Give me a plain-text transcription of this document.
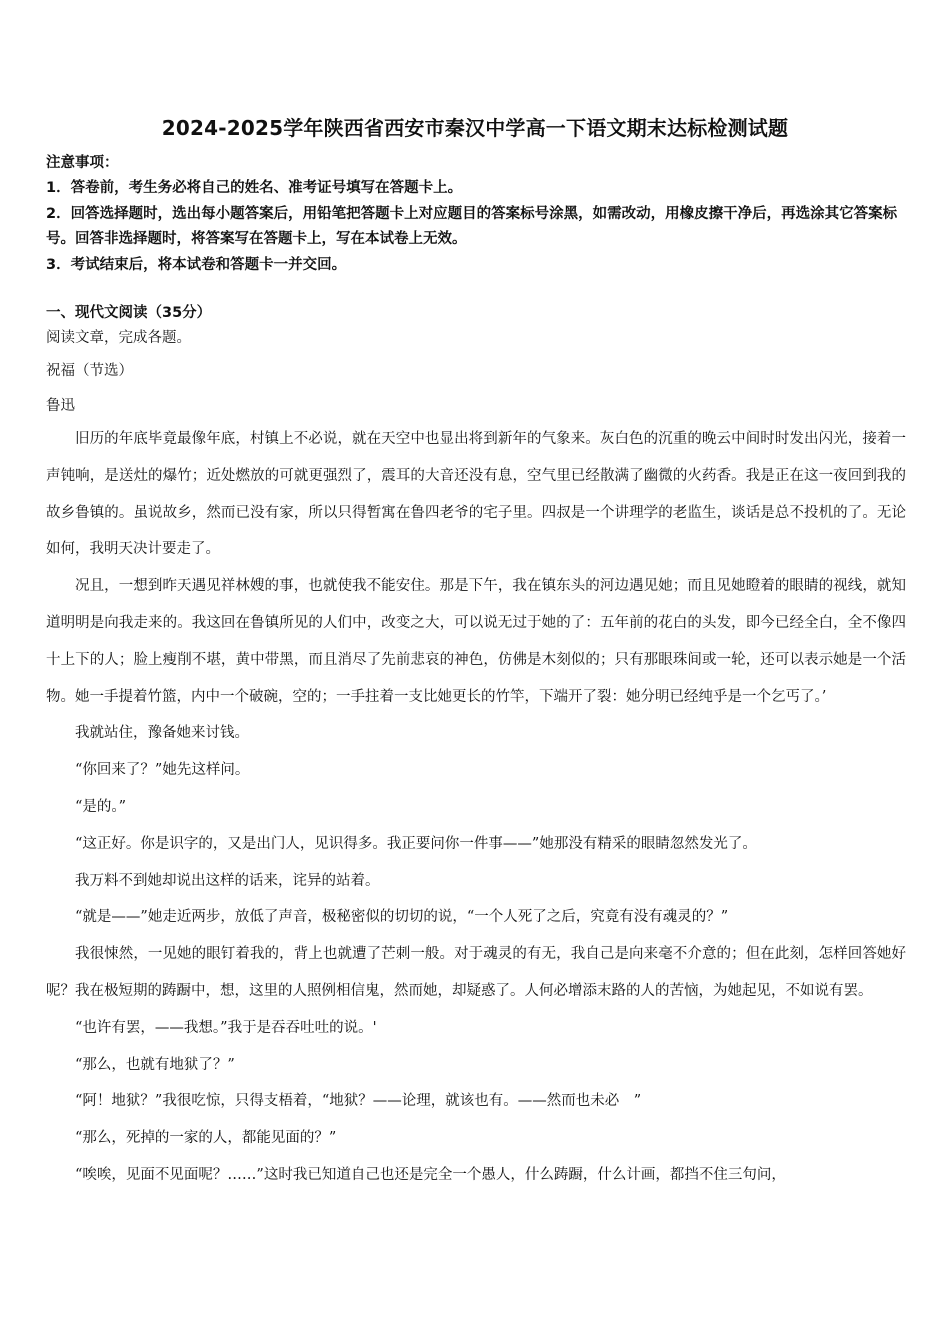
2024-2025学年陕西省西安市秦汉中学高一下语文期末达标检测试题
注意事项：
1．答卷前，考生务必将自己的姓名、准考证号填写在答题卡上。
2．回答选择题时，选出每小题答案后，用铅笔把答题卡上对应题目的答案标号涂黑，如需改动，用橡皮擦干净后，再选涂其它答案标号。回答非选择题时，将答案写在答题卡上，写在本试卷上无效。
3．考试结束后，将本试卷和答题卡一并交回。
一、现代文阅读（35分）
阅读文章，完成各题。
祝福（节选）
鲁迅

旧历的年底毕竟最像年底，村镇上不必说，就在天空中也显出将到新年的气象来。灰白色的沉重的晚云中间时时发出闪光，接着一声钝响，是送灶的爆竹；近处燃放的可就更强烈了，震耳的大音还没有息，空气里已经散满了幽微的火药香。我是正在这一夜回到我的故乡鲁镇的。虽说故乡，然而已没有家，所以只得暂寓在鲁四老爷的宅子里。四叔是一个讲理学的老监生，谈话是总不投机的了。无论如何，我明天决计要走了。

况且，一想到昨天遇见祥林嫂的事，也就使我不能安住。那是下午，我在镇东头的河边遇见她；而且见她瞪着的眼睛的视线，就知道明明是向我走来的。我这回在鲁镇所见的人们中，改变之大，可以说无过于她的了：五年前的花白的头发，即今已经全白，全不像四十上下的人；脸上瘦削不堪，黄中带黑，而且消尽了先前悲哀的神色，仿佛是木刻似的；只有那眼珠间或一轮，还可以表示她是一个活物。她一手提着竹篮，内中一个破碗，空的；一手拄着一支比她更长的竹竿，下端开了裂：她分明已经纯乎是一个乞丐了。’

我就站住，豫备她来讨钱。

“你回来了？”她先这样问。

“是的。”

“这正好。你是识字的，又是出门人，见识得多。我正要问你一件事——”她那没有精采的眼睛忽然发光了。

我万料不到她却说出这样的话来，诧异的站着。

“就是——”她走近两步，放低了声音，极秘密似的切切的说，“一个人死了之后，究竟有没有魂灵的？”

我很悚然，一见她的眼钉着我的，背上也就遭了芒刺一般。对于魂灵的有无，我自己是向来毫不介意的；但在此刻，怎样回答她好呢？我在极短期的踌蹰中，想，这里的人照例相信鬼，然而她，却疑惑了。人何必增添末路的人的苦恼，为她起见，不如说有罢。

“也许有罢，——我想。”我于是吞吞吐吐的说。'

“那么，也就有地狱了？”

“阿！地狱？”我很吃惊，只得支梧着，“地狱？——论理，就该也有。——然而也未必　”

“那么，死掉的一家的人，都能见面的？”

“唉唉，见面不见面呢？……”这时我已知道自己也还是完全一个愚人，什么踌蹰，什么计画，都挡不住三句问，
